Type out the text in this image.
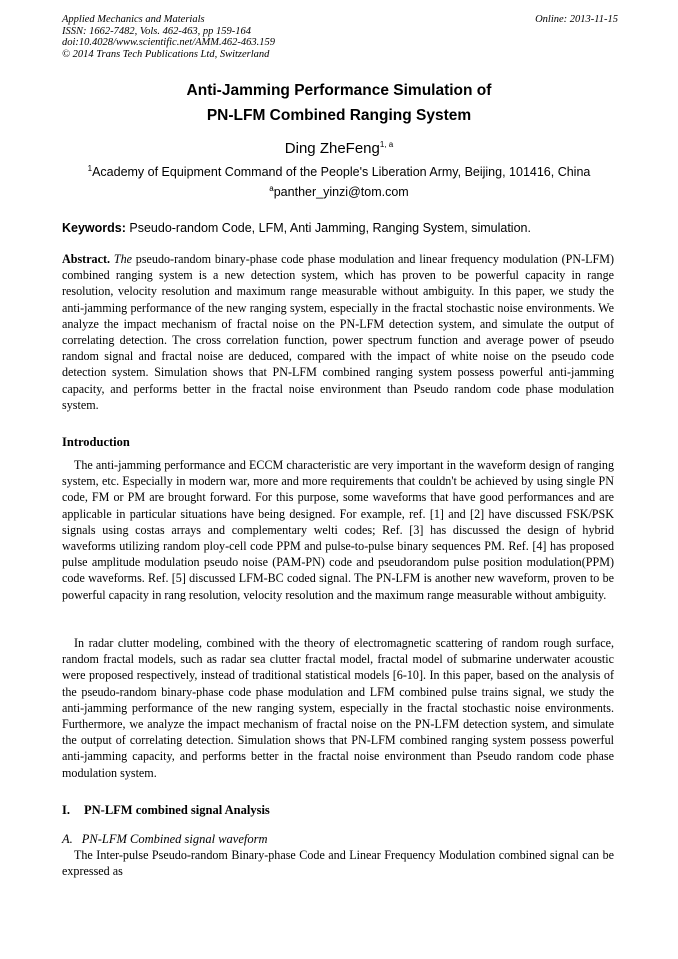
Applied Mechanics and Materials
ISSN: 1662-7482, Vols. 462-463, pp 159-164
doi:10.4028/www.scientific.net/AMM.462-463.159
© 2014 Trans Tech Publications Ltd, Switzerland
Online: 2013-11-15
Anti-Jamming Performance Simulation of
PN-LFM Combined Ranging System
Ding ZheFeng$^{1, a}$
$^1$Academy of Equipment Command of the People's Liberation Army, Beijing, 101416, China
$^a$panther_yinzi@tom.com
Keywords: Pseudo-random Code, LFM, Anti Jamming, Ranging System, simulation.
Abstract. The pseudo-random binary-phase code phase modulation and linear frequency modulation (PN-LFM) combined ranging system is a new detection system, which has proven to be powerful capacity in range resolution, velocity resolution and maximum range measurable without ambiguity. In this paper, we study the anti-jamming performance of the new ranging system, especially in the fractal stochastic noise environments. We analyze the impact mechanism of fractal noise on the PN-LFM detection system, and simulate the output of correlating detection. The cross correlation function, power spectrum function and average power of pseudo random signal and fractal noise are deduced, compared with the impact of white noise on the pseudo code detection system. Simulation shows that PN-LFM combined ranging system possess powerful anti-jamming capacity, and performs better in the fractal noise environment than Pseudo random code phase modulation system.
Introduction
The anti-jamming performance and ECCM characteristic are very important in the waveform design of ranging system, etc. Especially in modern war, more and more requirements that couldn't be achieved by using single PN code, FM or PM are brought forward. For this purpose, some waveforms that have good performances and are applicable in particular situations have being designed. For example, ref. [1] and [2] have discussed FSK/PSK signals using costas arrays and complementary welti codes; Ref. [3] has discussed the design of hybrid waveforms utilizing random ploy-cell code PPM and pulse-to-pulse binary sequences PM. Ref. [4] has proposed pulse amplitude modulation pseudo noise (PAM-PN) code and pseudorandom pulse position modulation(PPM) code waveforms. Ref. [5] discussed LFM-BC coded signal. The PN-LFM is another new waveform, proven to be powerful capacity in rang resolution, velocity resolution and the maximum range measurable without ambiguity.
In radar clutter modeling, combined with the theory of electromagnetic scattering of random rough surface, random fractal models, such as radar sea clutter fractal model, fractal model of submarine underwater acoustic were proposed respectively, instead of traditional statistical models [6-10]. In this paper, based on the analysis of the pseudo-random binary-phase code phase modulation and LFM combined pulse trains signal, we study the anti-jamming performance of the new ranging system, especially in the fractal stochastic noise environments. Furthermore, we analyze the impact mechanism of fractal noise on the PN-LFM detection system, and simulate the output of correlating detection. Simulation shows that PN-LFM combined ranging system possess powerful anti-jamming capacity, and performs better in the fractal noise environment than Pseudo random code phase modulation system.
I. PN-LFM combined signal Analysis
A. PN-LFM Combined signal waveform
The Inter-pulse Pseudo-random Binary-phase Code and Linear Frequency Modulation combined signal can be expressed as
